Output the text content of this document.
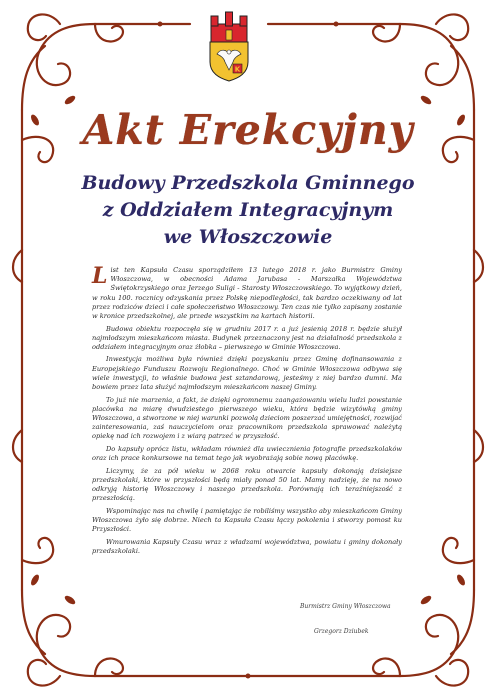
K
Akt Erekcyjny
Budowy Przedszkola Gminnego
z Oddziałem Integracyjnym
we Włoszczowie

List ten Kapsuła Czasu sporządziłem 13 lutego 2018 r. jako Burmistrz Gminy Włoszczowa, w obecności Adama Jarubasa - Marszałka Województwa Świętokrzyskiego oraz Jerzego Suligi - Starosty Włoszczowskiego. To wyjątkowy dzień, w roku 100. rocznicy odzyskania przez Polskę niepodległości, tak bardzo oczekiwany od lat przez rodziców dzieci i całe społeczeństwo Włoszczowy. Ten czas nie tylko zapisany zostanie w kronice przedszkolnej, ale przede wszystkim na kartach historii.

Budowa obiektu rozpoczęła się w grudniu 2017 r. a już jesienią 2018 r. będzie służył najmłodszym mieszkańcom miasta. Budynek przeznaczony jest na działalność przedszkola z oddziałem integracyjnym oraz żłobka – pierwszego w Gminie Włoszczowa.

Inwestycja możliwa była również dzięki pozyskaniu przez Gminę dofinansowania z Europejskiego Funduszu Rozwoju Regionalnego. Choć w Gminie Włoszczowa odbywa się wiele inwestycji, to właśnie budowa jest sztandarową, jesteśmy z niej bardzo dumni. Ma bowiem przez lata służyć najmłodszym mieszkańcom naszej Gminy.

To już nie marzenia, a fakt, że dzięki ogromnemu zaangażowaniu wielu ludzi powstanie placówka na miarę dwudziestego pierwszego wieku, która będzie wizytówką gminy Włoszczowa, a stworzone w niej warunki pozwolą dzieciom poszerzać umiejętności, rozwijać zainteresowania, zaś nauczycielom oraz pracownikom przedszkola sprawować należytą opiekę nad ich rozwojem i z wiarą patrzeć w przyszłość.

Do kapsuły oprócz listu, wkładam również dla uwiecznienia fotografie przedszkolaków oraz ich prace konkursowe na temat tego jak wyobrażają sobie nową placówkę.

Liczymy, że za pół wieku w 2068 roku otwarcie kapsuły dokonają dzisiejsze przedszkolaki, które w przyszłości będą miały ponad 50 lat. Mamy nadzieję, że na nowo odkryją historię Włoszczowy i naszego przedszkola. Porównają ich teraźniejszość z przeszłością.

Wspominając nas na chwilę i pamiętając że robiliśmy wszystko aby mieszkańcom Gminy Włoszczowa żyło się dobrze. Niech ta Kapsuła Czasu łączy pokolenia i stworzy pomost ku Przyszłości.

Wmurowania Kapsuły Czasu wraz z władzami województwa, powiatu i gminy dokonały przedszkolaki.

Burmistrz Gminy Włoszczowa
Grzegorz Dziubek
